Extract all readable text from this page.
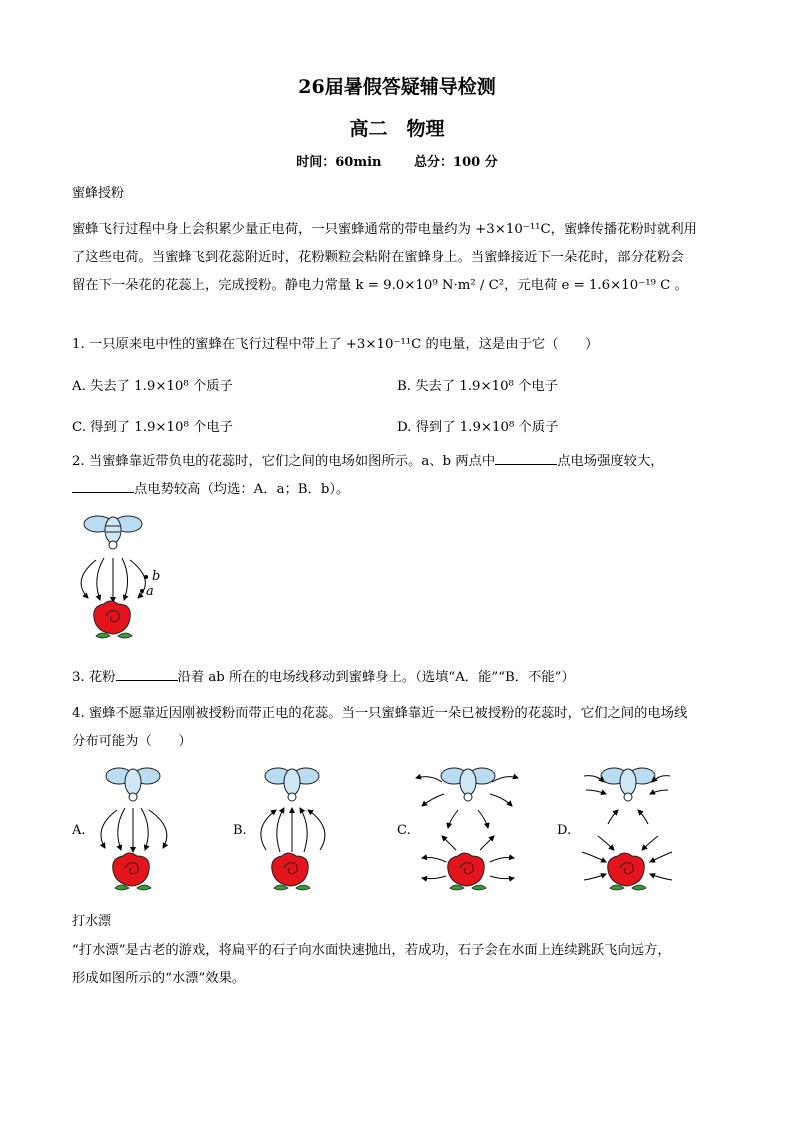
26届暑假答疑辅导检测
高二　物理
时间：60min	总分：100 分
蜜蜂授粉
蜜蜂飞行过程中身上会积累少量正电荷，一只蜜蜂通常的带电量约为 +3×10⁻¹¹C，蜜蜂传播花粉时就利用
了这些电荷。当蜜蜂飞到花蕊附近时，花粉颗粒会粘附在蜜蜂身上。当蜜蜂接近下一朵花时，部分花粉会
留在下一朵花的花蕊上，完成授粉。静电力常量 k = 9.0×10⁹ N·m² / C²，元电荷 e = 1.6×10⁻¹⁹ C 。
1. 一只原来电中性的蜜蜂在飞行过程中带上了 +3×10⁻¹¹C 的电量，这是由于它（　　）
A. 失去了 1.9×10⁸ 个质子	B. 失去了 1.9×10⁸ 个电子
C. 得到了 1.9×10⁸ 个电子	D. 得到了 1.9×10⁸ 个质子
2. 当蜜蜂靠近带负电的花蕊时，它们之间的电场如图所示。a、b 两点中	点电场强度较大，
点电势较高（均选：A．a；B．b）。
b
a
3. 花粉	沿着 ab 所在的电场线移动到蜜蜂身上。（选填“A．能”“B．不能”）
4. 蜜蜂不愿靠近因刚被授粉而带正电的花蕊。当一只蜜蜂靠近一朵已被授粉的花蕊时，它们之间的电场线
分布可能为（　　）
A.	B.	C.	D.
打水漂
“打水漂”是古老的游戏，将扁平的石子向水面快速抛出，若成功，石子会在水面上连续跳跃飞向远方，
形成如图所示的“水漂”效果。
